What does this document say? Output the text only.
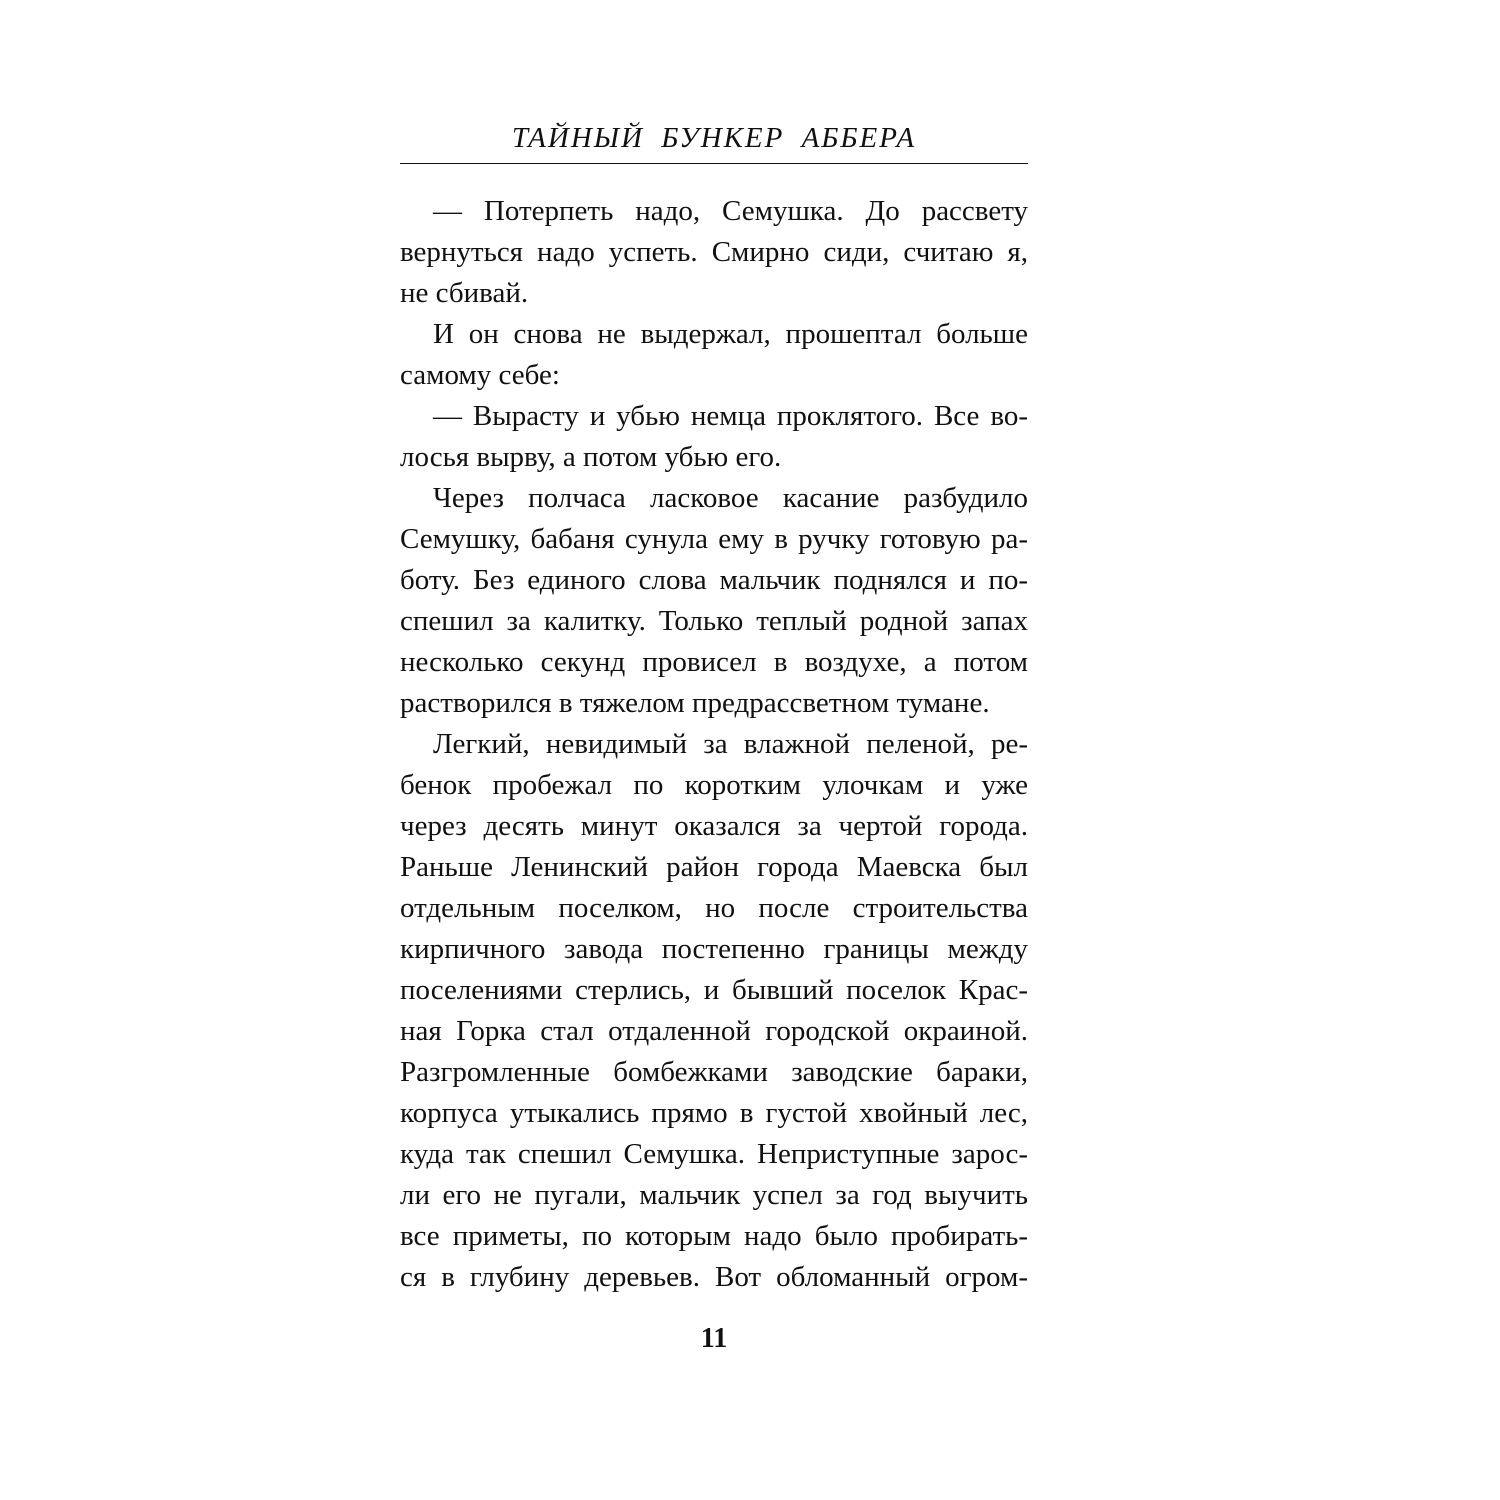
ТАЙНЫЙ БУНКЕР АББЕРА
— Потерпеть надо, Семушка. До рассвету
вернуться надо успеть. Смирно сиди, считаю я,
не сбивай.
И он снова не выдержал, прошептал больше
самому себе:
— Вырасту и убью немца проклятого. Все во-
лосья вырву, а потом убью его.
Через полчаса ласковое касание разбудило
Семушку, бабаня сунула ему в ручку готовую ра-
боту. Без единого слова мальчик поднялся и по-
спешил за калитку. Только теплый родной запах
несколько секунд провисел в воздухе, а потом
растворился в тяжелом предрассветном тумане.
Легкий, невидимый за влажной пеленой, ре-
бенок пробежал по коротким улочкам и уже
через десять минут оказался за чертой города.
Раньше Ленинский район города Маевска был
отдельным поселком, но после строительства
кирпичного завода постепенно границы между
поселениями стерлись, и бывший поселок Крас-
ная Горка стал отдаленной городской окраиной.
Разгромленные бомбежками заводские бараки,
корпуса утыкались прямо в густой хвойный лес,
куда так спешил Семушка. Неприступные зарос-
ли его не пугали, мальчик успел за год выучить
все приметы, по которым надо было пробирать-
ся в глубину деревьев. Вот обломанный огром-
11
